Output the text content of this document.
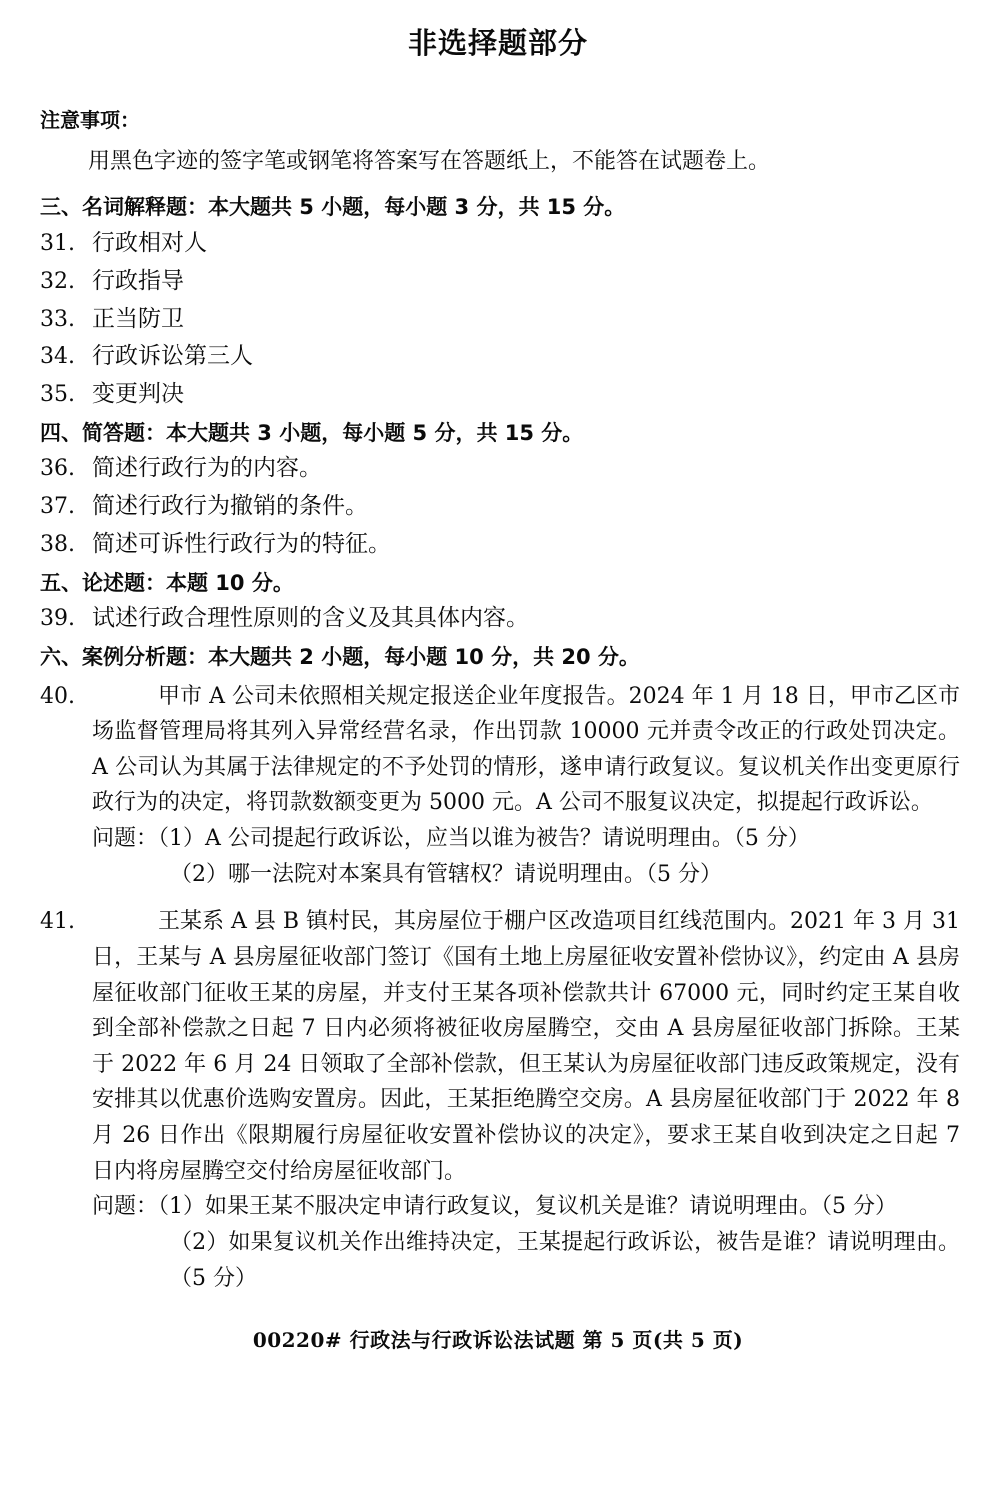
非选择题部分
注意事项：
用黑色字迹的签字笔或钢笔将答案写在答题纸上，不能答在试题卷上。
三、名词解释题：本大题共 5 小题，每小题 3 分，共 15 分。
31. 行政相对人
32. 行政指导
33. 正当防卫
34. 行政诉讼第三人
35. 变更判决
四、简答题：本大题共 3 小题，每小题 5 分，共 15 分。
36. 简述行政行为的内容。
37. 简述行政行为撤销的条件。
38. 简述可诉性行政行为的特征。
五、论述题：本题 10 分。
39. 试述行政合理性原则的含义及其具体内容。
六、案例分析题：本大题共 2 小题，每小题 10 分，共 20 分。
40.	甲市 A 公司未依照相关规定报送企业年度报告。2024 年 1 月 18 日，甲市乙区市场监督管理局将其列入异常经营名录，作出罚款 10000 元并责令改正的行政处罚决定。A 公司认为其属于法律规定的不予处罚的情形，遂申请行政复议。复议机关作出变更原行政行为的决定，将罚款数额变更为 5000 元。A 公司不服复议决定，拟提起行政诉讼。

问题：（1）A 公司提起行政诉讼，应当以谁为被告？请说明理由。（5 分）

（2）哪一法院对本案具有管辖权？请说明理由。（5 分）

41.	王某系 A 县 B 镇村民，其房屋位于棚户区改造项目红线范围内。2021 年 3 月 31 日，王某与 A 县房屋征收部门签订《国有土地上房屋征收安置补偿协议》，约定由 A 县房屋征收部门征收王某的房屋，并支付王某各项补偿款共计 67000 元，同时约定王某自收到全部补偿款之日起 7 日内必须将被征收房屋腾空，交由 A 县房屋征收部门拆除。王某于 2022 年 6 月 24 日领取了全部补偿款，但王某认为房屋征收部门违反政策规定，没有安排其以优惠价选购安置房。因此，王某拒绝腾空交房。A 县房屋征收部门于 2022 年 8 月 26 日作出《限期履行房屋征收安置补偿协议的决定》，要求王某自收到决定之日起 7 日内将房屋腾空交付给房屋征收部门。

问题：（1）如果王某不服决定申请行政复议，复议机关是谁？请说明理由。（5 分）

（2）如果复议机关作出维持决定，王某提起行政诉讼，被告是谁？请说明理由。（5 分）

00220# 行政法与行政诉讼法试题 第 5 页(共 5 页)
